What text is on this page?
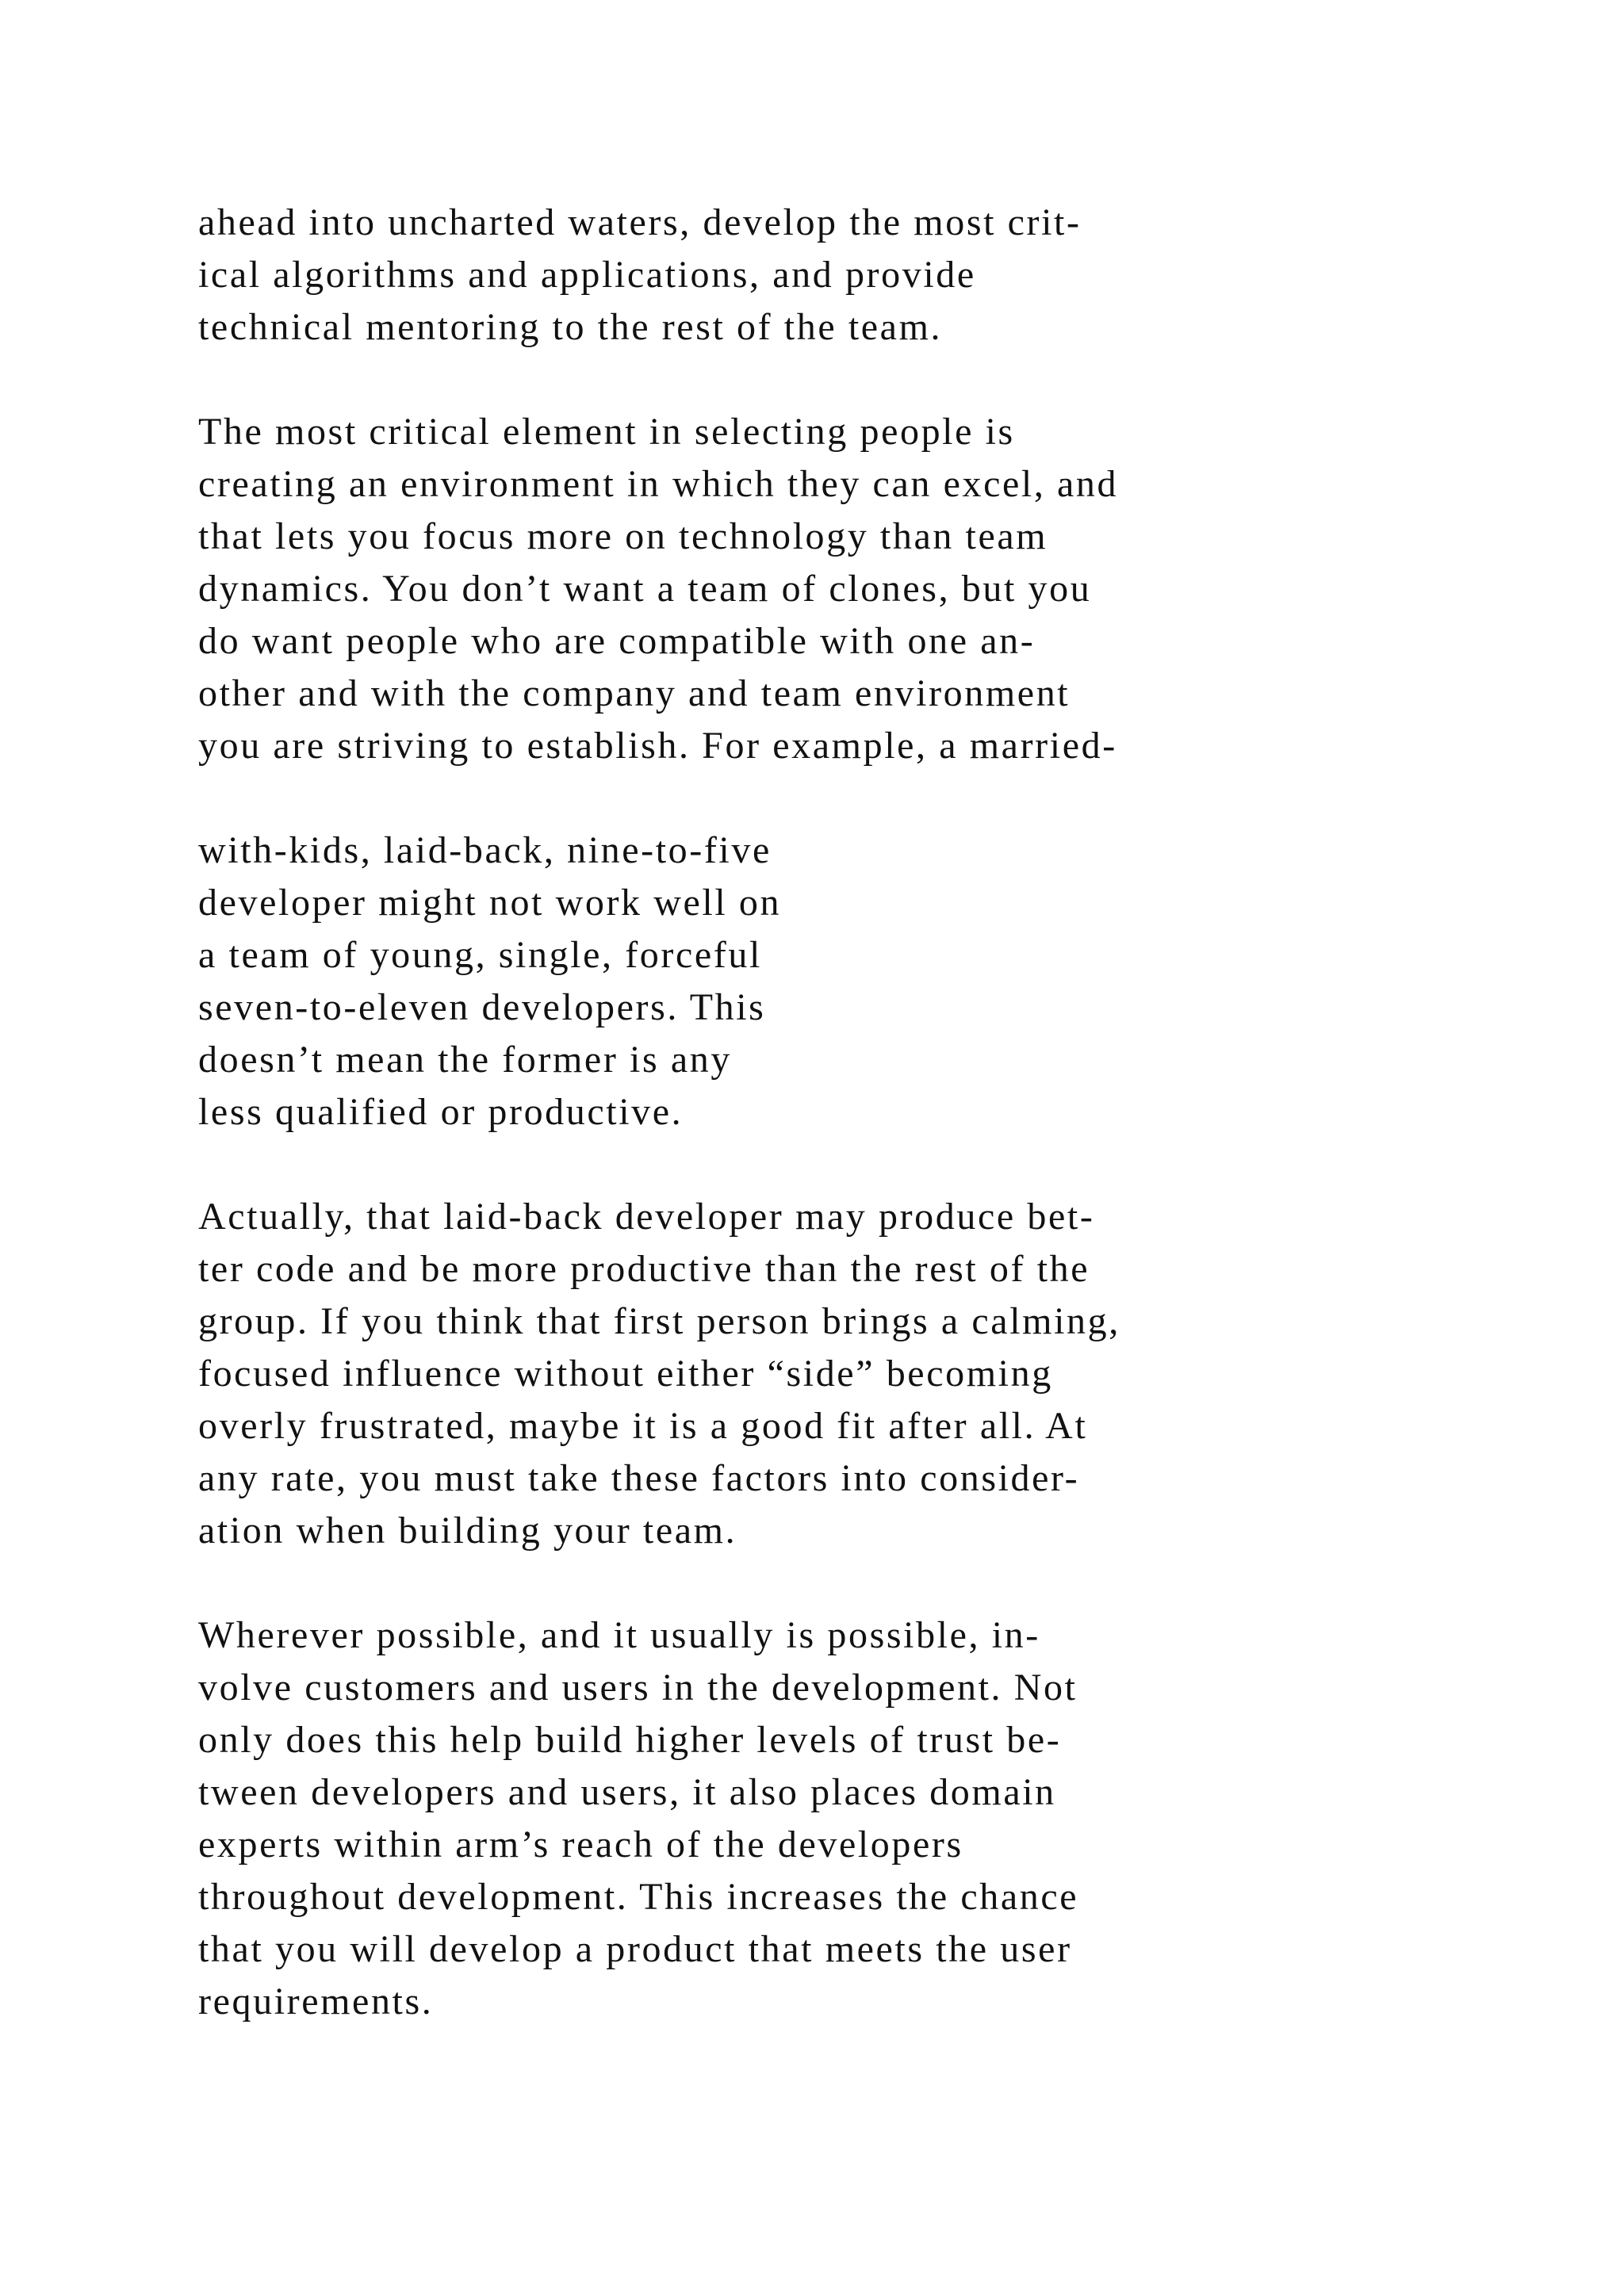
ahead into uncharted waters, develop the most crit-
ical algorithms and applications, and provide
technical mentoring to the rest of the team.
The most critical element in selecting people is
creating an environment in which they can excel, and
that lets you focus more on technology than team
dynamics. You don’t want a team of clones, but you
do want people who are compatible with one an-
other and with the company and team environment
you are striving to establish. For example, a married-
with-kids, laid-back, nine-to-five
developer might not work well on
a team of young, single, forceful
seven-to-eleven developers. This
doesn’t mean the former is any
less qualified or productive.
Actually, that laid-back developer may produce bet-
ter code and be more productive than the rest of the
group. If you think that first person brings a calming,
focused influence without either “side” becoming
overly frustrated, maybe it is a good fit after all. At
any rate, you must take these factors into consider-
ation when building your team.
Wherever possible, and it usually is possible, in-
volve customers and users in the development. Not
only does this help build higher levels of trust be-
tween developers and users, it also places domain
experts within arm’s reach of the developers
throughout development. This increases the chance
that you will develop a product that meets the user
requirements.
